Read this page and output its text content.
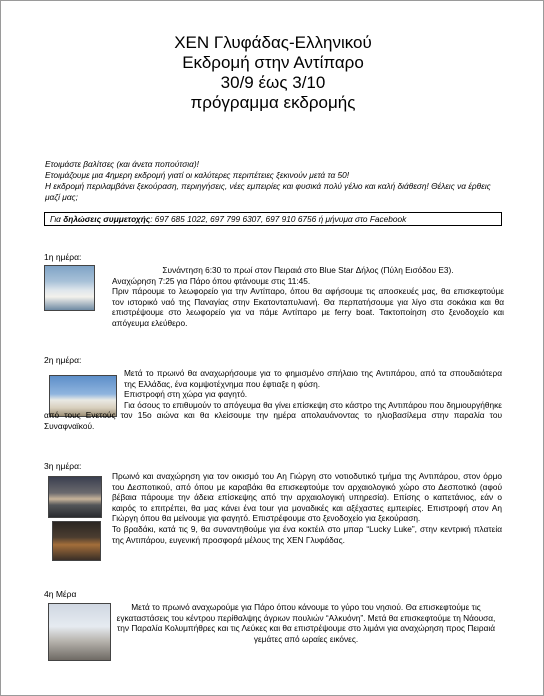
ΧΕΝ Γλυφάδας-Ελληνικού
Εκδρομή στην Αντίπαρο
30/9 έως 3/10
πρόγραμμα εκδρομής

Ετοιμάστε βαλίτσες (και άνετα ποπούτσια)!

Ετοιμάζουμε μια 4ημερη εκδρομή γιατί οι καλύτερες περιπέτειες ξεκινούν μετά τα 50!

Η εκδρομή περιλαμβάνει ξεκούραση, περιηγήσεις, νέες εμπειρίες και φυσικά πολύ γέλιο και καλή διάθεση! Θέλεις να έρθεις μαζί μας;

Για δηλώσεις συμμετοχής: 697 685 1022, 697 799 6307, 697 910 6756 ή μήνυμα στο Facebook
1η ημέρα:

Συνάντηση 6:30 το πρωί στον Πειραιά στο Blue Star Δήλος (Πύλη Εισόδου Ε3).

Αναχώρηση 7:25 για Πάρο όπου φτάνουμε στις 11:45.

Πριν πάρουμε το λεωφορείο για την Αντίπαρο, όπου θα αφήσουμε τις αποσκευές μας, θα επισκεφτούμε τον ιστορικό ναό της Παναγίας στην Εκατονταπυλιανή. Θα περπατήσουμε για λίγο στα σοκάκια και θα επιστρέψουμε στο λεωφορείο για να πάμε Αντίπαρο με ferry boat. Τακτοποίηση στο ξενοδοχείο και απόγευμα ελεύθερο.

2η ημέρα:

Μετά το πρωινό θα αναχωρήσουμε για το φημισμένο σπήλαιο της Αντιπάρου, από τα σπουδαιότερα της Ελλάδας, ένα κομψοτέχνημα που έφτιαξε η φύση.

Επιστροφή στη χώρα για φαγητό.

Για όσους το επιθυμούν το απόγευμα θα γίνει επίσκεψη στο κάστρο της Αντιπάρου που δημιουργήθηκε από τους Ενετούς τον 15ο αιώνα και θα κλείσουμε την ημέρα απολαυάνοντας το ηλιοβασίλεμα στην παραλία του Συναφναϊκού.

3η ημέρα:

Πρωινό και αναχώρηση για τον οικισμό του Αη Γιώργη στο νοτιοδυτικό τμήμα της Αντιπάρου, στον όρμο του Δεσποτικού, από όπου με καραβάκι θα επισκεφτούμε τον αρχαιολογικό χώρο στο Δεσποτικό (αφού βέβαια πάρουμε την άδεια επίσκεψης από την αρχαιολογική υπηρεσία). Επίσης ο καπετάνιος, εάν ο καιρός το επιτρέπει, θα μας κάνει ένα tour για μοναδικές και αξέχαστες εμπειρίες. Επιστροφή στον Αη Γιώργη όπου θα μείνουμε για φαγητό. Επιστρέφουμε στο ξενοδοχείο για ξεκούραση.

Το βραδάκι, κατά τις 9, θα συναντηθούμε για ένα κοκτέιλ στο μπαρ “Lucky Luke”, στην κεντρική πλατεία της Αντιπάρου, ευγενική προσφορά μέλους της ΧΕΝ Γλυφάδας.

4η Μέρα

Μετά το πρωινό αναχωρούμε για Πάρο όπου κάνουμε το γύρο του νησιού. Θα επισκεφτούμε τις εγκαταστάσεις του κέντρου περίθαλψης άγριων πουλιών “Αλκυόνη”. Μετά θα επισκεφτούμε τη Νάουσα, την Παραλία Κολυμπήθρες και τις Λεύκες και θα επιστρέψουμε στο λιμάνι για αναχώρηση προς Πειραιά γεμάτες από ωραίες εικόνες.
